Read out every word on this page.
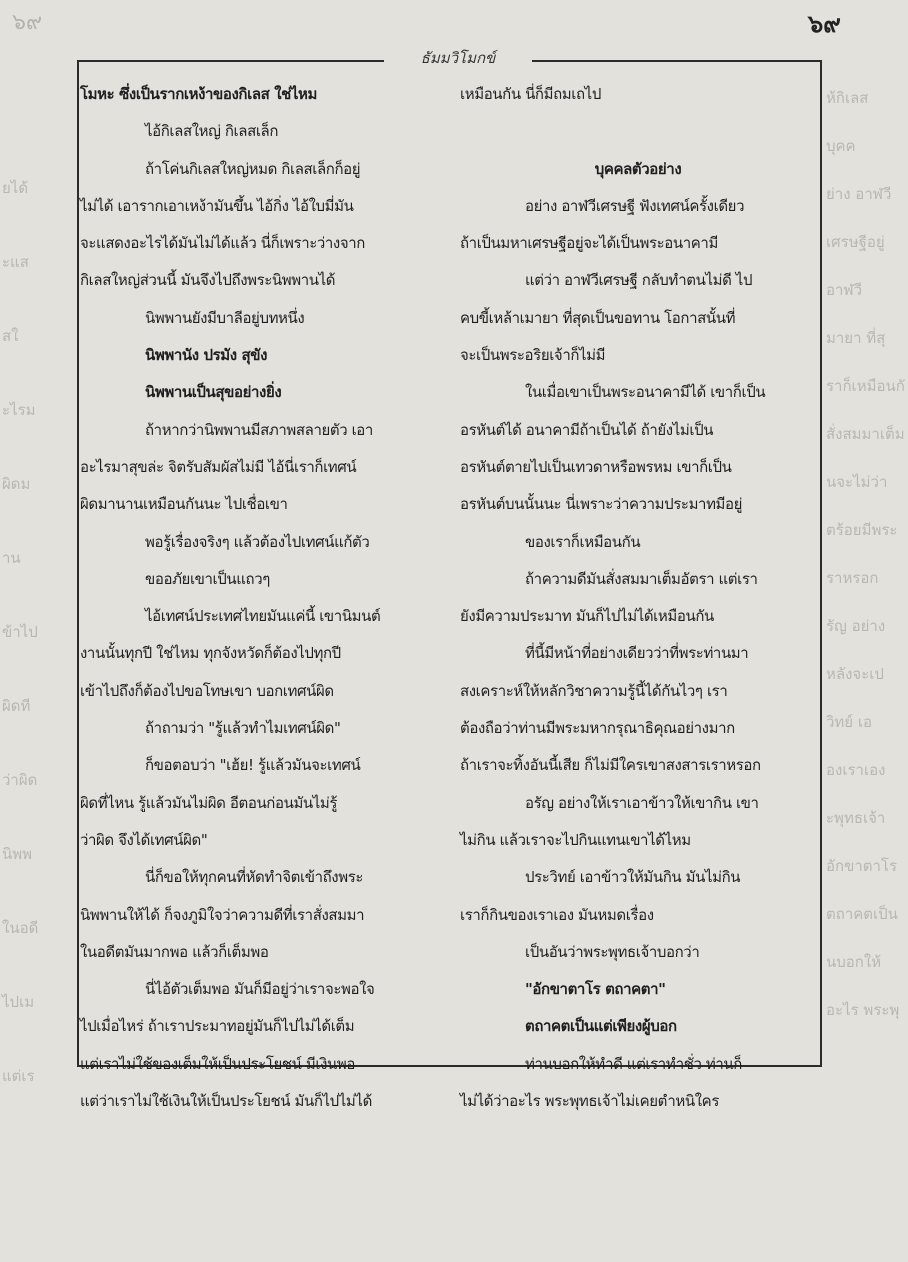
๖๙
ยได้
ะแส
สใ
ะไรม
ผิดม
าน
ข้าไป
ผิดที
ว่าผิด
นิพพ
ในอดี
ไปเม
แต่เร
ห้กิเลส
บุคค
ย่าง อาฬวี
เศรษฐีอยู่
อาฬวี
มายา ที่สุ
ราก็เหมือนกั
สั่งสมมาเต็ม
นจะไม่ว่า
ตร้อยมีพระ
ราหรอก
รัญ อย่าง
หลังจะเป
วิทย์ เอ
องเราเอง
ะพุทธเจ้า
อักขาตาโร
ตถาคตเป็น
นบอกให้
อะไร พระพุ
๖๙
ธัมมวิโมกข์
โมหะ ซึ่งเป็นรากเหง้าของกิเลส ใช่ไหม
ไอ้กิเลสใหญ่ กิเลสเล็ก
ถ้าโค่นกิเลสใหญ่หมด กิเลสเล็กก็อยู่
ไม่ได้ เอารากเอาเหง้ามันขึ้น ไอ้กิ่ง ไอ้ใบมี่มัน
จะแสดงอะไรได้มันไม่ได้แล้ว นี่ก็เพราะว่างจาก
กิเลสใหญ่ส่วนนี้ มันจึงไปถึงพระนิพพานได้
นิพพานยังมีบาลีอยู่บทหนึ่ง
นิพพานัง ปรมัง สุขัง
นิพพานเป็นสุขอย่างยิ่ง
ถ้าหากว่านิพพานมีสภาพสลายตัว เอา
อะไรมาสุขล่ะ จิตรับสัมผัสไม่มี ไอ้นี่เราก็เทศน์
ผิดมานานเหมือนกันนะ ไปเชื่อเขา
พอรู้เรื่องจริงๆ แล้วต้องไปเทศน์แก้ตัว
ขออภัยเขาเป็นแถวๆ
ไอ้เทศน์ประเทศไทยมันแค่นี้ เขานิมนต์
งานนั้นทุกปี ใช่ไหม ทุกจังหวัดก็ต้องไปทุกปี
เข้าไปถึงก็ต้องไปขอโทษเขา บอกเทศน์ผิด
ถ้าถามว่า "รู้แล้วทำไมเทศน์ผิด"
ก็ขอตอบว่า "เฮ้ย! รู้แล้วมันจะเทศน์
ผิดที่ไหน รู้แล้วมันไม่ผิด อีตอนก่อนมันไม่รู้
ว่าผิด จึงได้เทศน์ผิด"
นี่ก็ขอให้ทุกคนที่หัดทำจิตเข้าถึงพระ
นิพพานให้ได้ ก็จงภูมิใจว่าความดีที่เราสั่งสมมา
ในอดีตมันมากพอ แล้วก็เต็มพอ
นี่ไอ้ตัวเต็มพอ มันก็มีอยู่ว่าเราจะพอใจ
ไปเมื่อไหร่ ถ้าเราประมาทอยู่มันก็ไปไม่ได้เต็ม
แต่เราไม่ใช้ของเต็มให้เป็นประโยชน์ มีเงินพอ
แต่ว่าเราไม่ใช้เงินให้เป็นประโยชน์ มันก็ไปไม่ได้
เหมือนกัน นี่ก็มีถมเถไป
บุคคลตัวอย่าง
อย่าง อาฬวีเศรษฐี ฟังเทศน์ครั้งเดียว
ถ้าเป็นมหาเศรษฐีอยู่จะได้เป็นพระอนาคามี
แต่ว่า อาฬวีเศรษฐี กลับทำตนไม่ดี ไป
คบขี้เหล้าเมายา ที่สุดเป็นขอทาน โอกาสนั้นที่
จะเป็นพระอริยเจ้าก็ไม่มี
ในเมื่อเขาเป็นพระอนาคามีได้ เขาก็เป็น
อรหันต์ได้ อนาคามีถ้าเป็นได้ ถ้ายังไม่เป็น
อรหันต์ตายไปเป็นเทวดาหรือพรหม เขาก็เป็น
อรหันต์บนนั้นนะ นี่เพราะว่าความประมาทมีอยู่
ของเราก็เหมือนกัน
ถ้าความดีมันสั่งสมมาเต็มอัตรา แต่เรา
ยังมีความประมาท มันก็ไปไม่ได้เหมือนกัน
ที่นี้มีหน้าที่อย่างเดียวว่าที่พระท่านมา
สงเคราะห์ให้หลักวิชาความรู้นี้ได้กันไวๆ เรา
ต้องถือว่าท่านมีพระมหากรุณาธิคุณอย่างมาก
ถ้าเราจะทิ้งอันนี้เสีย ก็ไม่มีใครเขาสงสารเราหรอก
อรัญ อย่างให้เราเอาข้าวให้เขากิน เขา
ไม่กิน แล้วเราจะไปกินแทนเขาได้ไหม
ประวิทย์ เอาข้าวให้มันกิน มันไม่กิน
เราก็กินของเราเอง มันหมดเรื่อง
เป็นอันว่าพระพุทธเจ้าบอกว่า
"อักขาตาโร ตถาคตา"
ตถาคตเป็นแต่เพียงผู้บอก
ท่านบอกให้ทำดี แต่เราทำชั่ว ท่านก็
ไม่ได้ว่าอะไร พระพุทธเจ้าไม่เคยตำหนิใคร
